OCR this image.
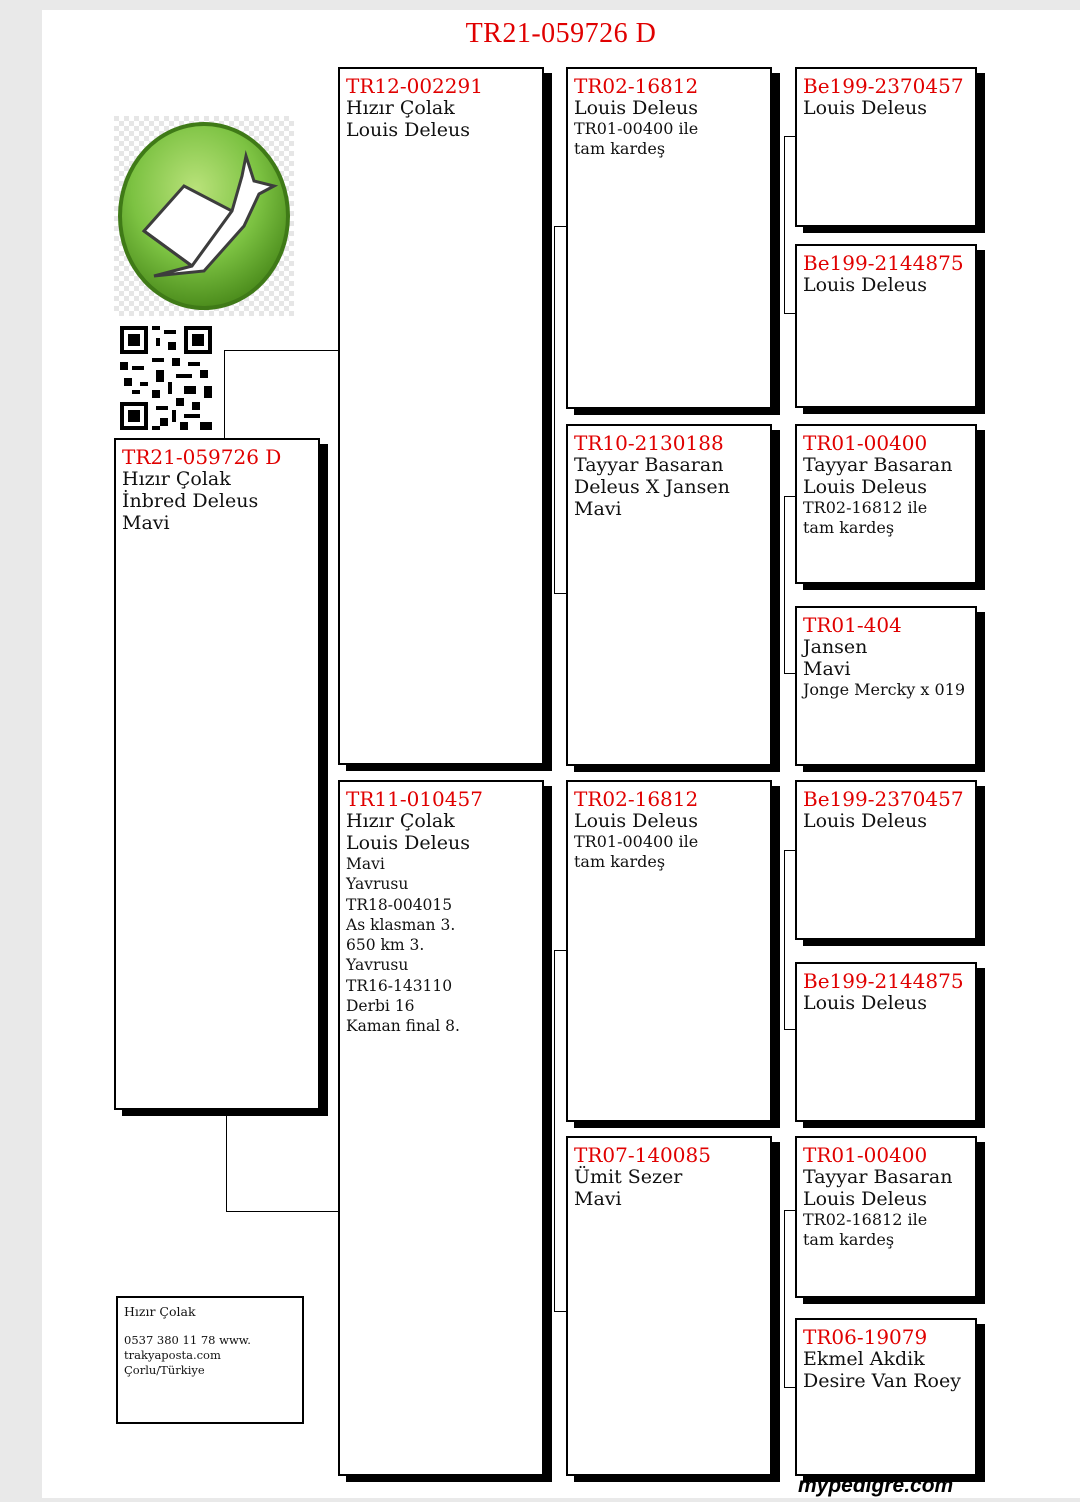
TR21-059726 D
TR21-059726 D
Hızır Çolak
İnbred Deleus
Mavi
TR12-002291
Hızır Çolak
Louis Deleus
TR11-010457
Hızır Çolak
Louis Deleus
Mavi
Yavrusu
TR18-004015
As klasman 3.
650 km 3.
Yavrusu
TR16-143110
Derbi 16
Kaman final 8.
TR02-16812
Louis Deleus
TR01-00400 ile
tam kardeş
TR10-2130188
Tayyar Basaran
Deleus X Jansen
Mavi
TR02-16812
Louis Deleus
TR01-00400 ile
tam kardeş
TR07-140085
Ümit Sezer
Mavi
Be199-2370457
Louis Deleus
Be199-2144875
Louis Deleus
TR01-00400
Tayyar Basaran
Louis Deleus
TR02-16812 ile
tam kardeş
TR01-404
Jansen
Mavi
Jonge Mercky x 019
Be199-2370457
Louis Deleus
Be199-2144875
Louis Deleus
TR01-00400
Tayyar Basaran
Louis Deleus
TR02-16812 ile
tam kardeş
TR06-19079
Ekmel Akdik
Desire Van Roey
Hızır Çolak
0537 380 11 78 www.
trakyaposta.com
Çorlu/Türkiye
mypedigre.com
